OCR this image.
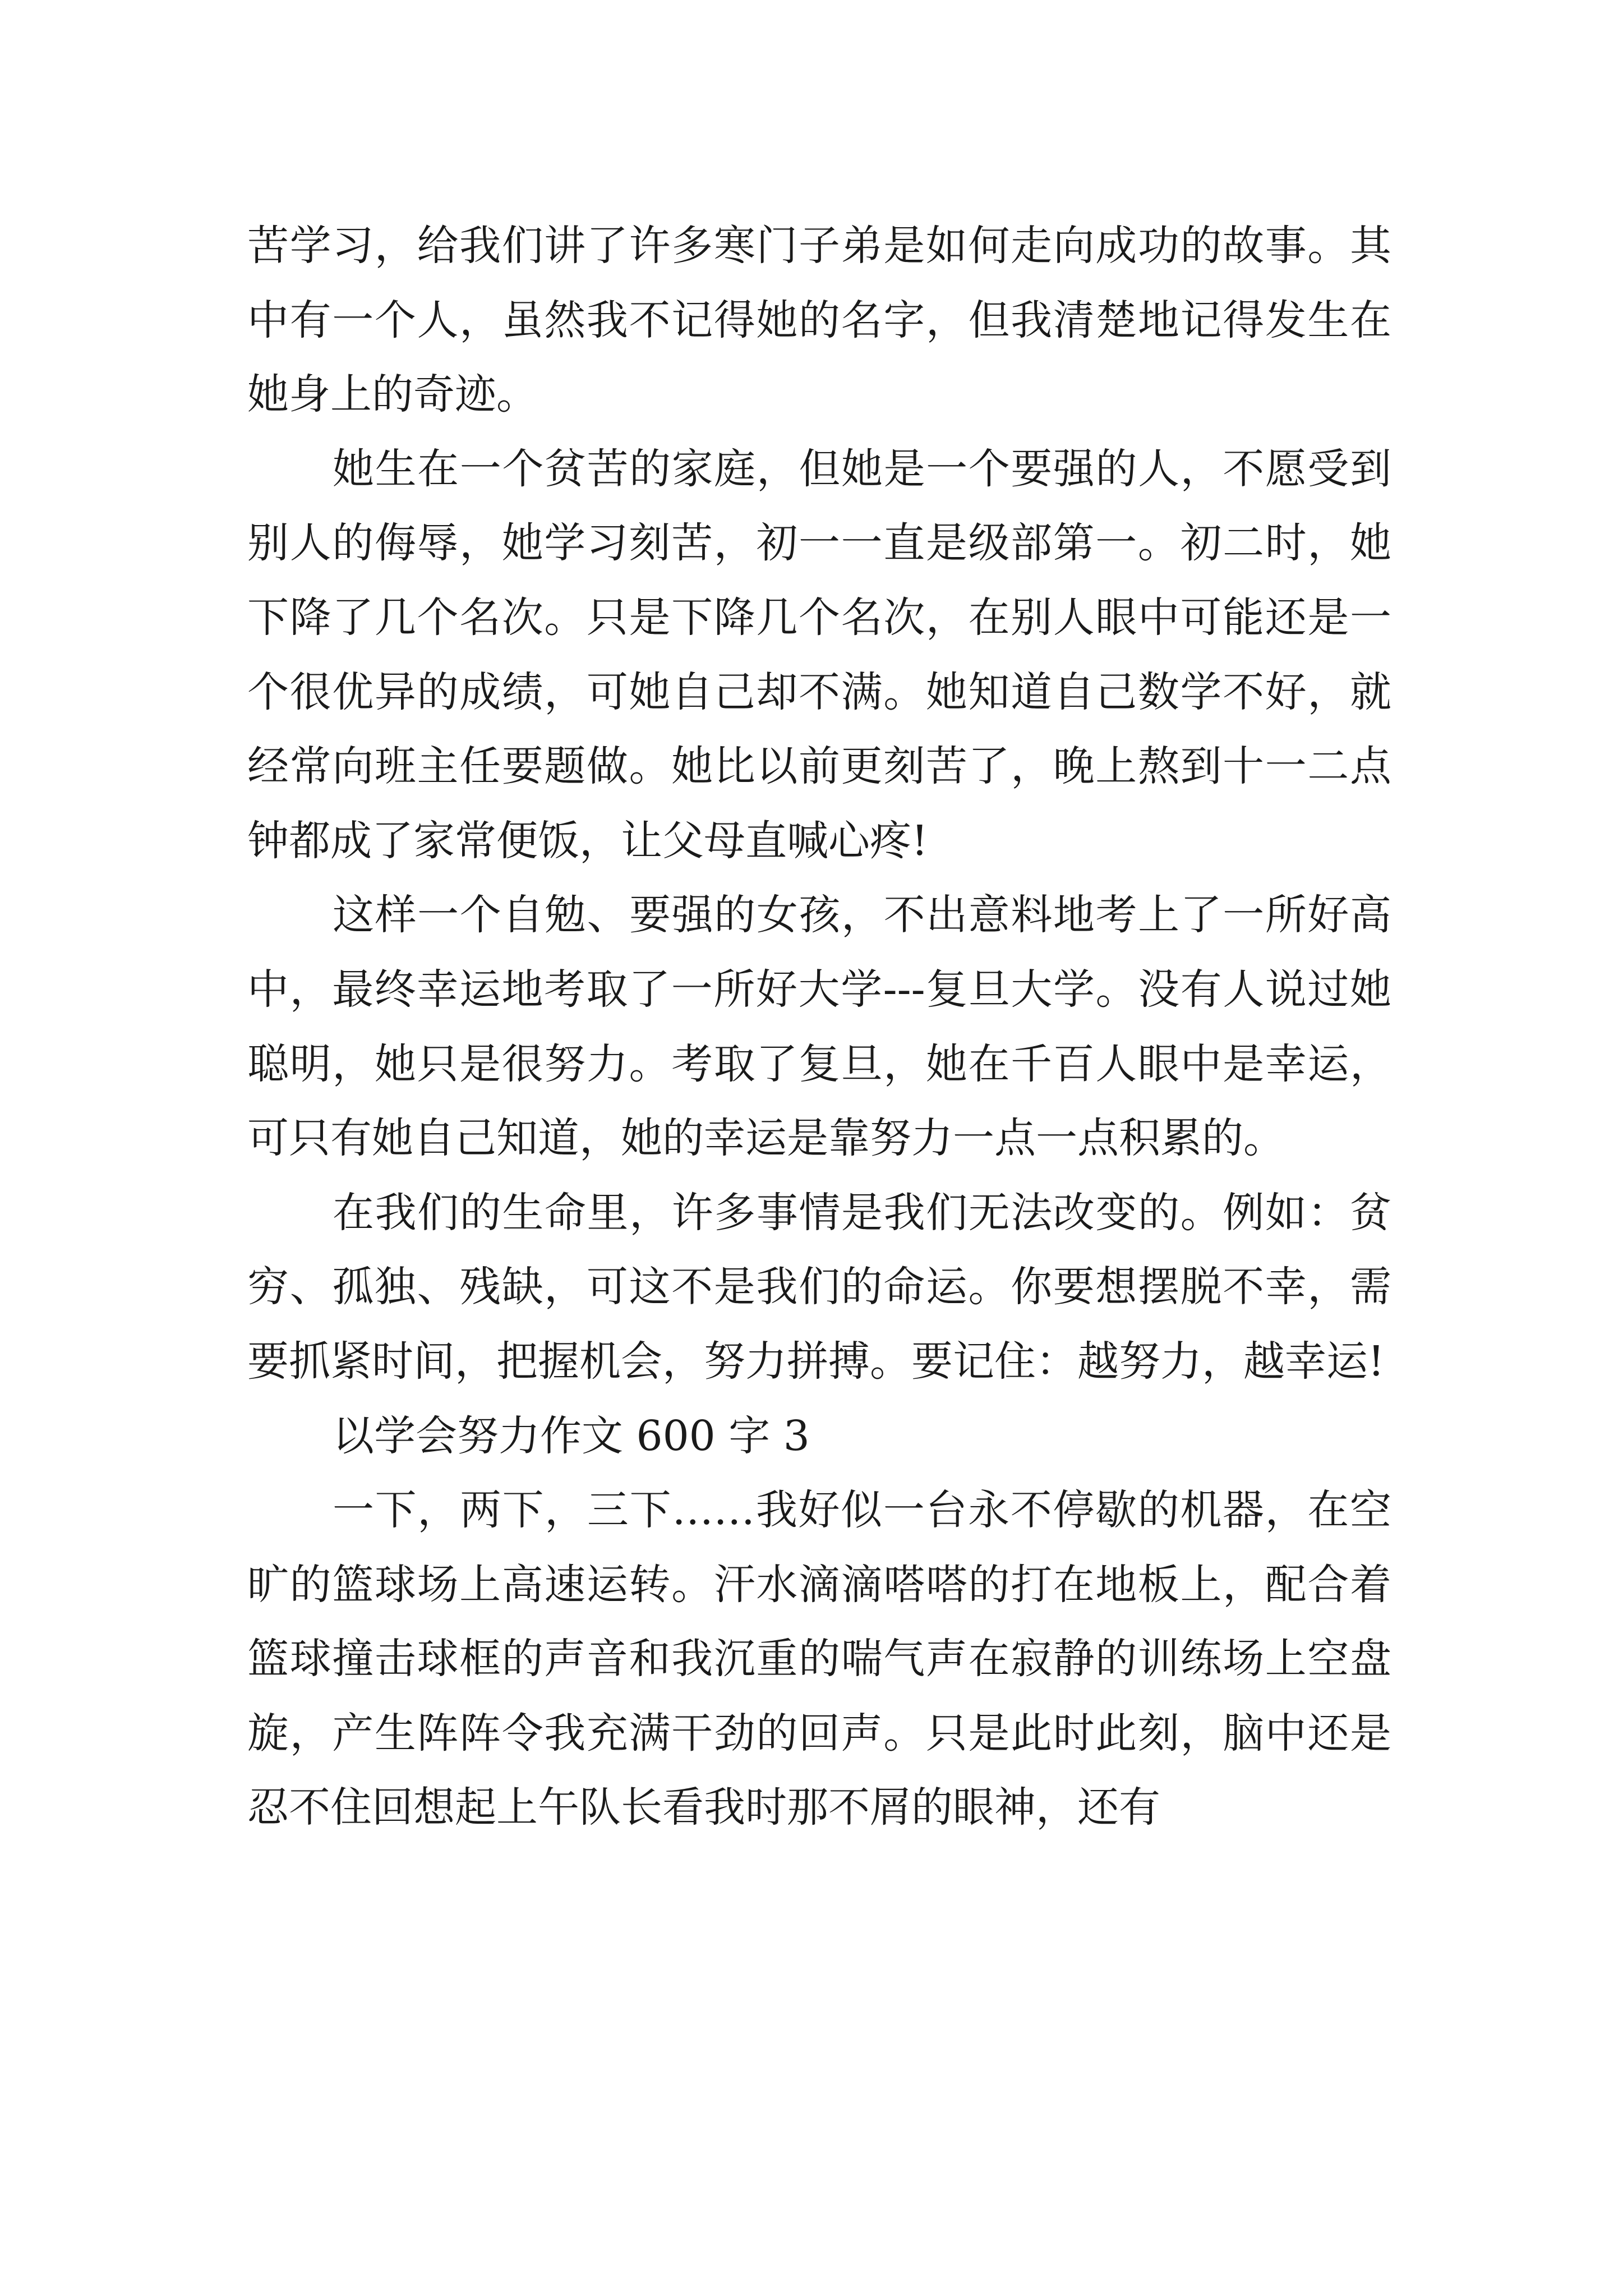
苦学习，给我们讲了许多寒门子弟是如何走向成功的故事。其中有一个人，虽然我不记得她的名字，但我清楚地记得发生在她身上的奇迹。

她生在一个贫苦的家庭，但她是一个要强的人，不愿受到别人的侮辱，她学习刻苦，初一一直是级部第一。初二时，她下降了几个名次。只是下降几个名次，在别人眼中可能还是一个很优异的成绩，可她自己却不满。她知道自己数学不好，就经常向班主任要题做。她比以前更刻苦了，晚上熬到十一二点钟都成了家常便饭，让父母直喊心疼!

这样一个自勉、要强的女孩，不出意料地考上了一所好高中，最终幸运地考取了一所好大学---复旦大学。没有人说过她聪明，她只是很努力。考取了复旦，她在千百人眼中是幸运，可只有她自己知道，她的幸运是靠努力一点一点积累的。

在我们的生命里，许多事情是我们无法改变的。例如：贫穷、孤独、残缺，可这不是我们的命运。你要想摆脱不幸，需要抓紧时间，把握机会，努力拼搏。要记住：越努力，越幸运!

以学会努力作文 600 字 3

一下，两下，三下……我好似一台永不停歇的机器，在空旷的篮球场上高速运转。汗水滴滴嗒嗒的打在地板上，配合着篮球撞击球框的声音和我沉重的喘气声在寂静的训练场上空盘旋，产生阵阵令我充满干劲的回声。只是此时此刻，脑中还是忍不住回想起上午队长看我时那不屑的眼神，还有
